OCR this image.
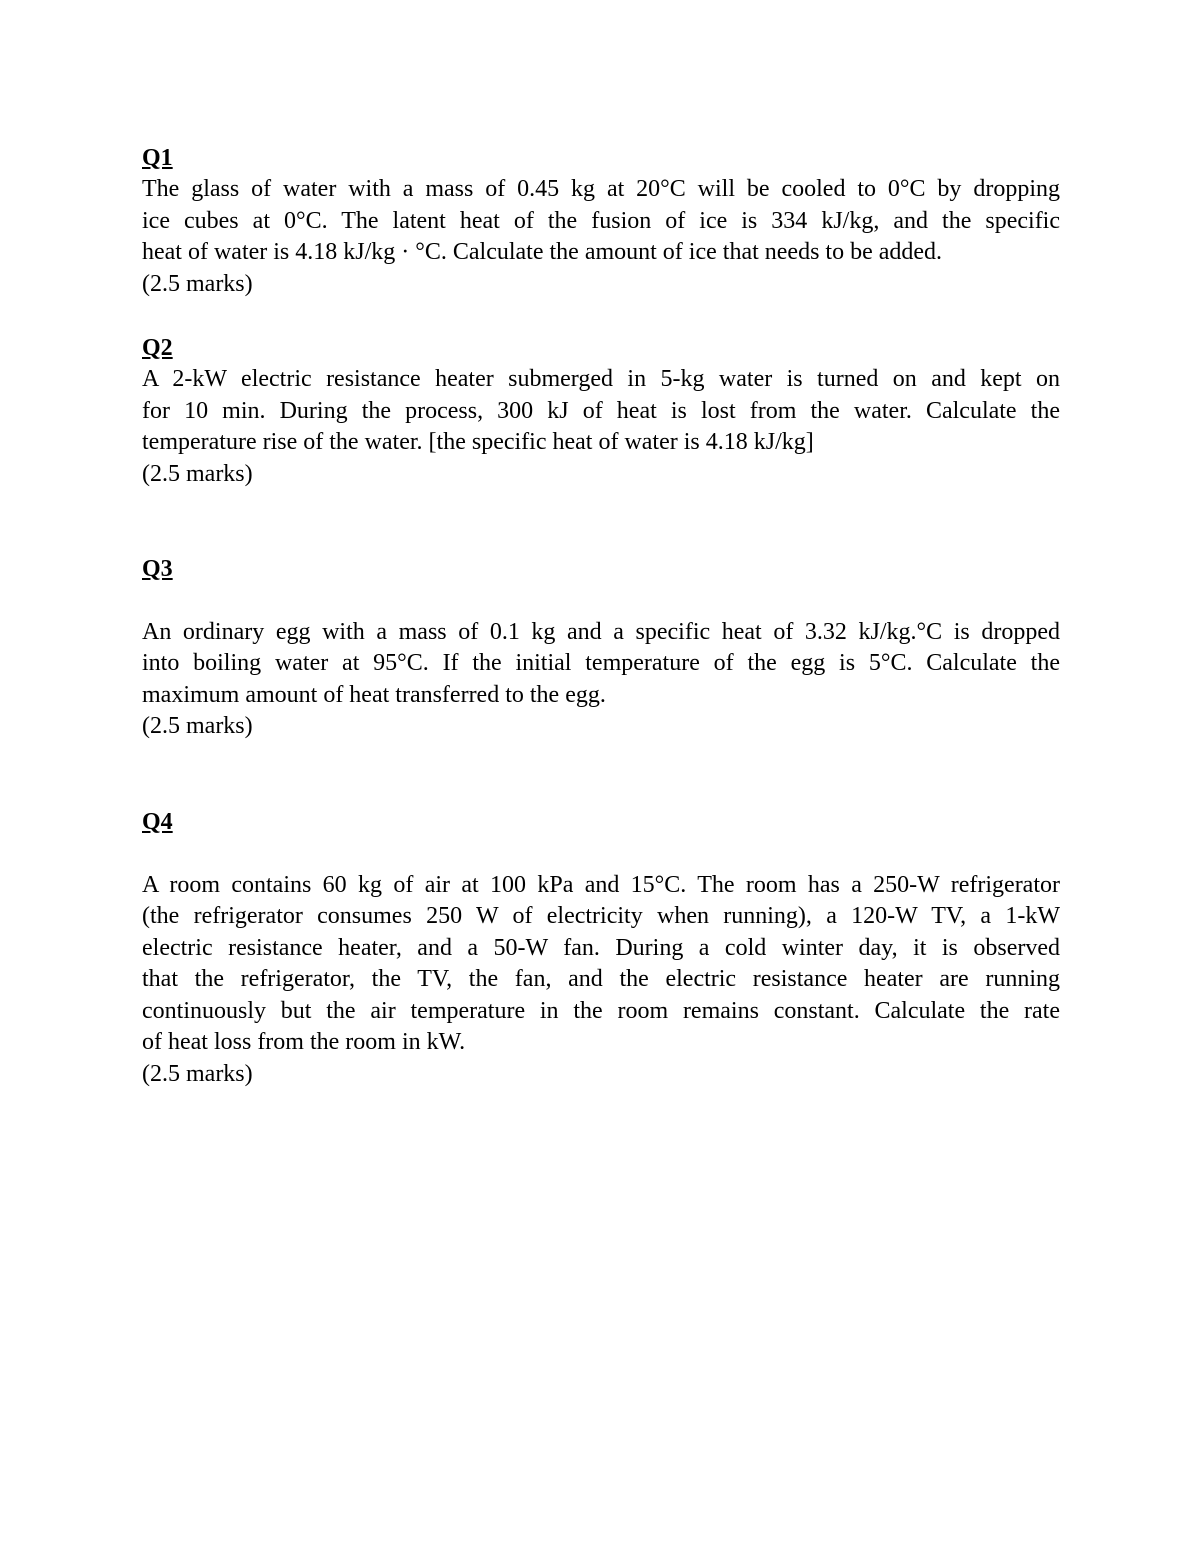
Q1
The glass of water with a mass of 0.45 kg at 20°C will be cooled to 0°C by dropping
ice cubes at 0°C. The latent heat of the fusion of ice is 334 kJ/kg, and the specific
heat of water is 4.18 kJ/kg · °C. Calculate the amount of ice that needs to be added.
(2.5 marks)
Q2
A 2-kW electric resistance heater submerged in 5-kg water is turned on and kept on
for 10 min. During the process, 300 kJ of heat is lost from the water. Calculate the
temperature rise of the water. [the specific heat of water is 4.18 kJ/kg]
(2.5 marks)
Q3
An ordinary egg with a mass of 0.1 kg and a specific heat of 3.32 kJ/kg.°C is dropped
into boiling water at 95°C. If the initial temperature of the egg is 5°C. Calculate the
maximum amount of heat transferred to the egg.
(2.5 marks)
Q4
A room contains 60 kg of air at 100 kPa and 15°C. The room has a 250-W refrigerator
(the refrigerator consumes 250 W of electricity when running), a 120-W TV, a 1-kW
electric resistance heater, and a 50-W fan. During a cold winter day, it is observed
that the refrigerator, the TV, the fan, and the electric resistance heater are running
continuously but the air temperature in the room remains constant. Calculate the rate
of heat loss from the room in kW.
(2.5 marks)
